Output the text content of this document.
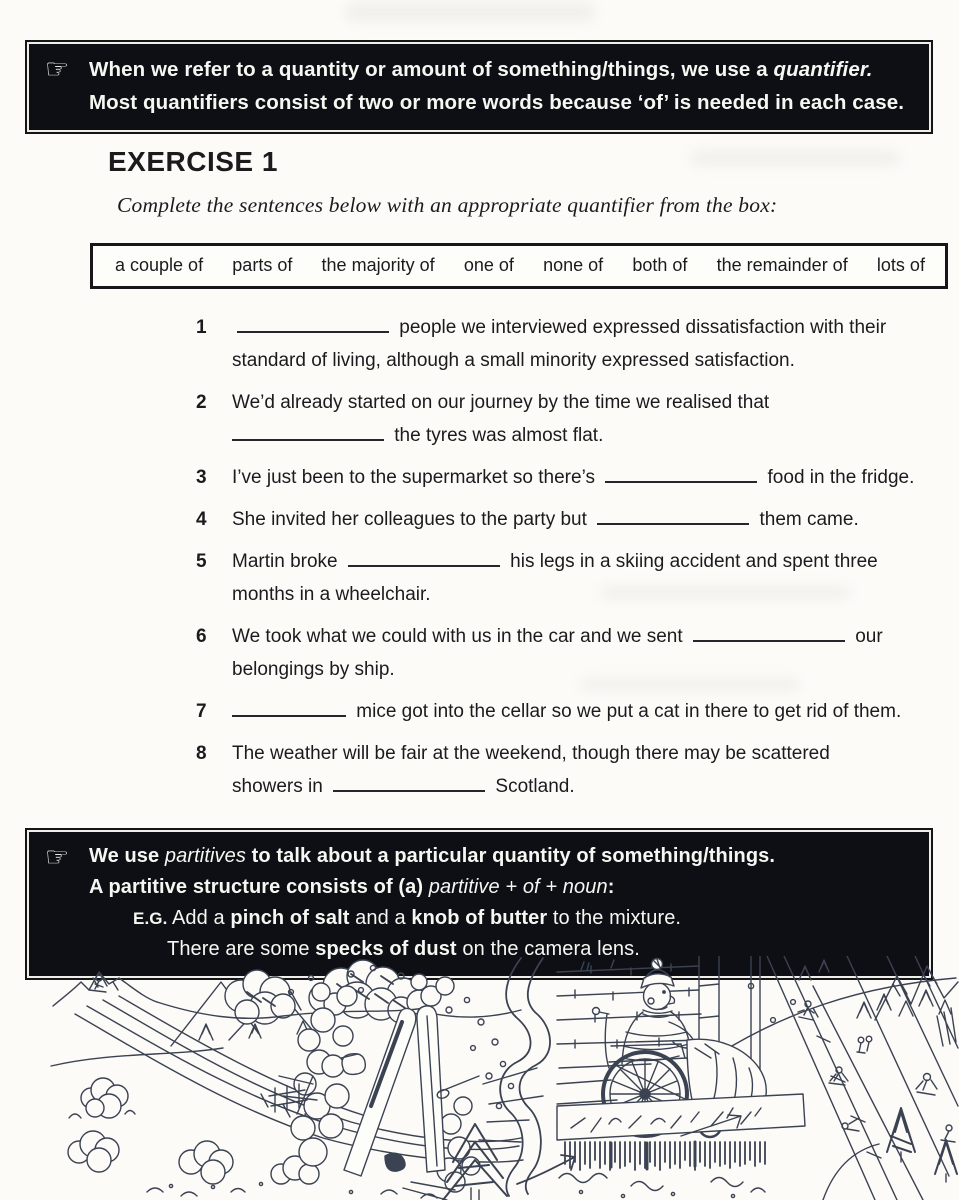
☞ When we refer to a quantity or amount of something/things, we use a quantifier.
Most quantifiers consist of two or more words because ‘of’ is needed in each case.
EXERCISE 1
Complete the sentences below with an appropriate quantifier from the box:
a couple of parts of the majority of one of none of both of the remainder of lots of
1	people we interviewed expressed dissatisfaction with their
standard of living, although a small minority expressed satisfaction.
2	We’d already started on our journey by the time we realised that
the tyres was almost flat.
3	I’ve just been to the supermarket so there’s	food in the fridge.
4	She invited her colleagues to the party but	them came.
5	Martin broke	his legs in a skiing accident and spent three
months in a wheelchair.
6	We took what we could with us in the car and we sent	our
belongings by ship.
7	mice got into the cellar so we put a cat in there to get rid of them.
8	The weather will be fair at the weekend, though there may be scattered
showers in	Scotland.
☞ We use partitives to talk about a particular quantity of something/things.
A partitive structure consists of (a) partitive + of + noun:
E.G. Add a pinch of salt and a knob of butter to the mixture.
There are some specks of dust on the camera lens.
